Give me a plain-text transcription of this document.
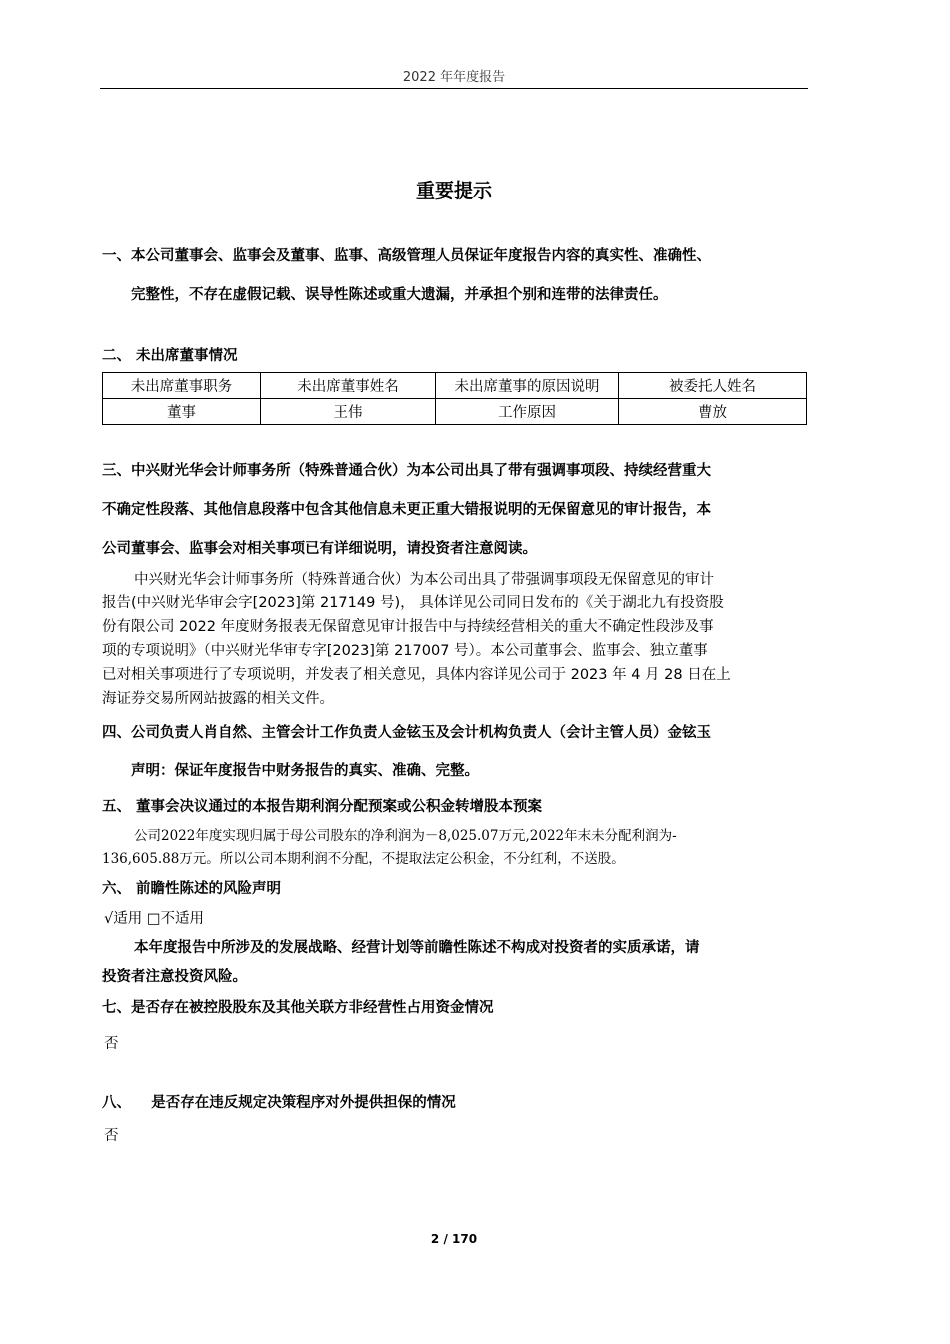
2022 年年度报告
重要提示
一、本公司董事会、监事会及董事、监事、高级管理人员保证年度报告内容的真实性、准确性、
完整性，不存在虚假记载、误导性陈述或重大遗漏，并承担个别和连带的法律责任。
二、 未出席董事情况
未出席董事职务	未出席董事姓名	未出席董事的原因说明	被委托人姓名
董事	王伟	工作原因	曹放
三、中兴财光华会计师事务所（特殊普通合伙）为本公司出具了带有强调事项段、持续经营重大
不确定性段落、其他信息段落中包含其他信息未更正重大错报说明的无保留意见的审计报告，本
公司董事会、监事会对相关事项已有详细说明，请投资者注意阅读。
中兴财光华会计师事务所（特殊普通合伙）为本公司出具了带强调事项段无保留意见的审计
报告(中兴财光华审会字[2023]第 217149 号)， 具体详见公司同日发布的《关于湖北九有投资股
份有限公司 2022 年度财务报表无保留意见审计报告中与持续经营相关的重大不确定性段涉及事
项的专项说明》（中兴财光华审专字[2023]第 217007 号）。本公司董事会、监事会、独立董事
已对相关事项进行了专项说明，并发表了相关意见，具体内容详见公司于 2023 年 4 月 28 日在上
海证券交易所网站披露的相关文件。
四、公司负责人肖自然、主管会计工作负责人金铉玉及会计机构负责人（会计主管人员）金铉玉
声明：保证年度报告中财务报告的真实、准确、完整。
五、 董事会决议通过的本报告期利润分配预案或公积金转增股本预案
公司2022年度实现归属于母公司股东的净利润为－8,025.07万元,2022年末未分配利润为-
136,605.88万元。所以公司本期利润不分配，不提取法定公积金，不分红利，不送股。
六、 前瞻性陈述的风险声明
√适用 □不适用
本年度报告中所涉及的发展战略、经营计划等前瞻性陈述不构成对投资者的实质承诺，请
投资者注意投资风险。
七、是否存在被控股股东及其他关联方非经营性占用资金情况
否
八、    是否存在违反规定决策程序对外提供担保的情况
否
2 / 170
